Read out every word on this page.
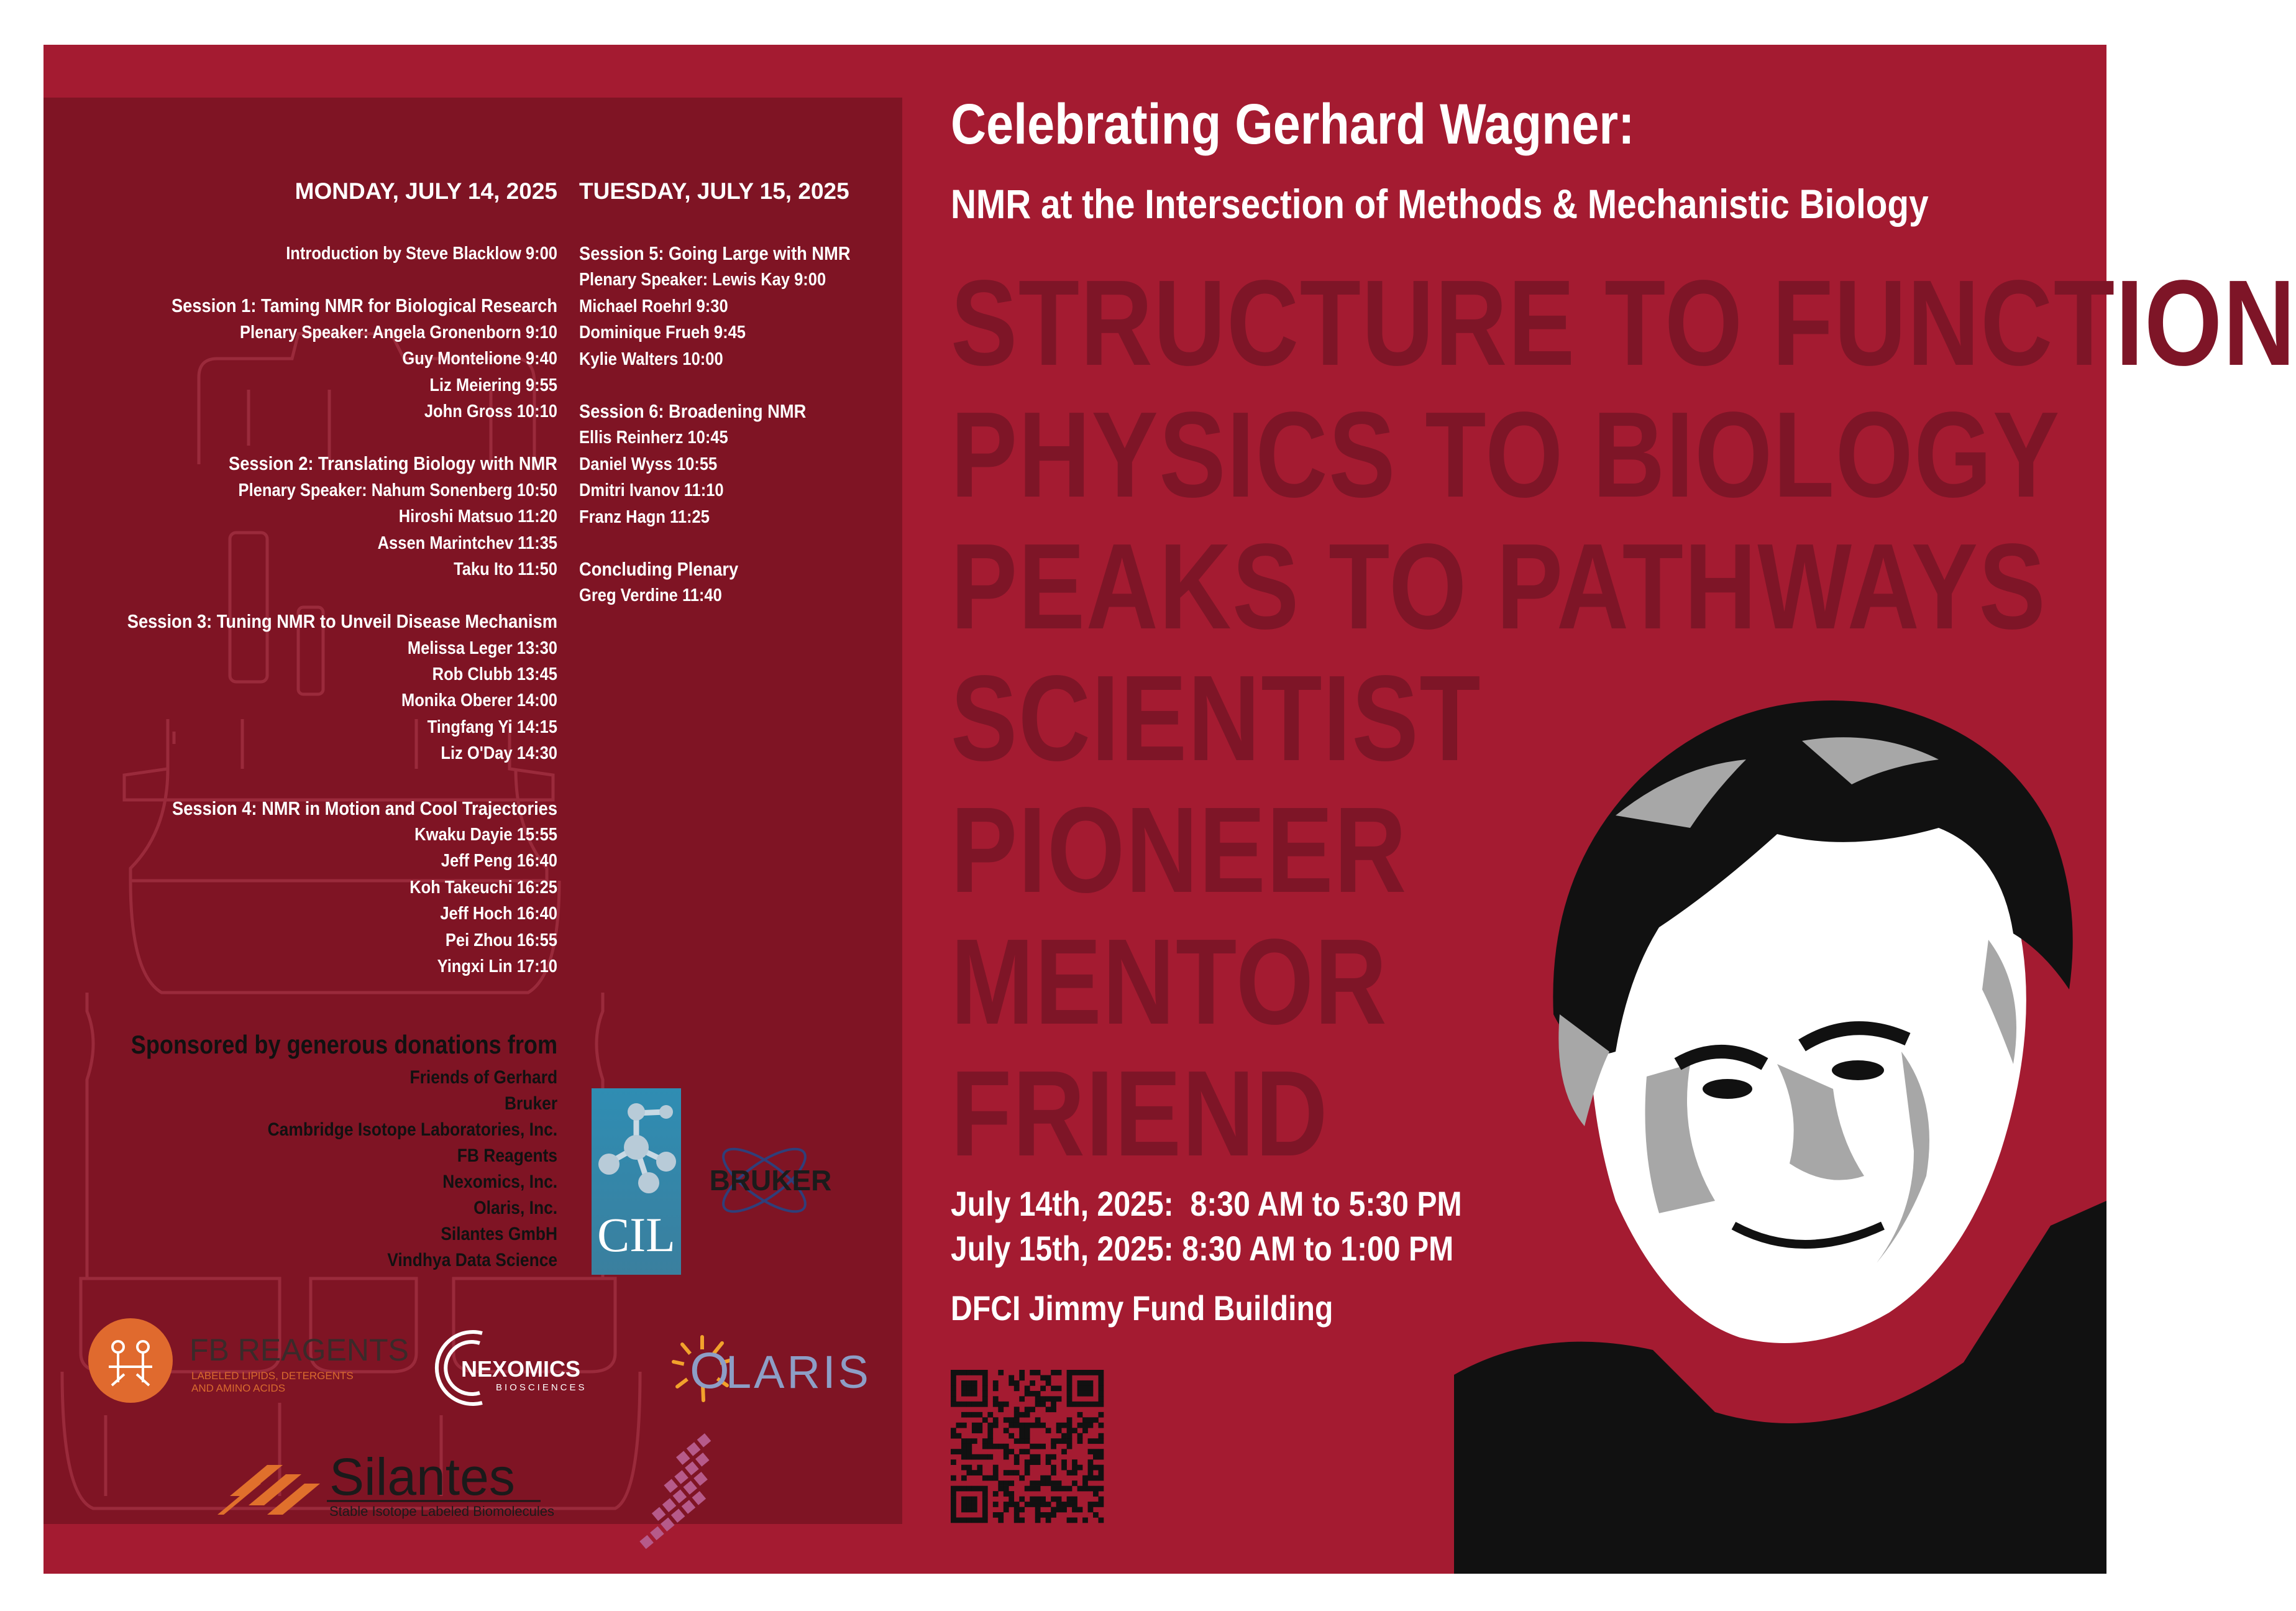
MONDAY, JULY 14, 2025 TUESDAY, JULY 15, 2025
Introduction by Steve Blacklow 9:00
Session 1: Taming NMR for Biological Research
Plenary Speaker: Angela Gronenborn 9:10
Guy Montelione 9:40
Liz Meiering 9:55
John Gross 10:10
Session 2: Translating Biology with NMR
Plenary Speaker: Nahum Sonenberg 10:50
Hiroshi Matsuo 11:20
Assen Marintchev 11:35
Taku Ito 11:50
Session 3: Tuning NMR to Unveil Disease Mechanism
Melissa Leger 13:30
Rob Clubb 13:45
Monika Oberer 14:00
Tingfang Yi 14:15
Liz O'Day 14:30
Session 4: NMR in Motion and Cool Trajectories
Kwaku Dayie 15:55
Jeff Peng 16:40
Koh Takeuchi 16:25
Jeff Hoch 16:40
Pei Zhou 16:55
Yingxi Lin 17:10
Session 5: Going Large with NMR
Plenary Speaker: Lewis Kay 9:00
Michael Roehrl 9:30
Dominique Frueh 9:45
Kylie Walters 10:00
Session 6: Broadening NMR
Ellis Reinherz 10:45
Daniel Wyss 10:55
Dmitri Ivanov 11:10
Franz Hagn 11:25
Concluding Plenary
Greg Verdine 11:40
Sponsored by generous donations from
Friends of Gerhard
Bruker
Cambridge Isotope Laboratories, Inc.
FB Reagents
Nexomics, Inc.
Olaris, Inc.
Silantes GmbH
Vindhya Data Science CIL
BRUKER
FB REAGENTS
LABELED LIPIDS, DETERGENTS
AND AMINO ACIDS
NEXOMICS
BIOSCIENCES O
LARIS
Silantes
Stable Isotope Labeled Biomolecules
Celebrating Gerhard Wagner:
NMR at the Intersection of Methods & Mechanistic Biology
STRUCTURE TO FUNCTION
PHYSICS TO BIOLOGY
PEAKS TO PATHWAYS
SCIENTIST
PIONEER
MENTOR
FRIEND
July 14th, 2025:  8:30 AM to 5:30 PM
July 15th, 2025: 8:30 AM to 1:00 PM
DFCI Jimmy Fund Building
